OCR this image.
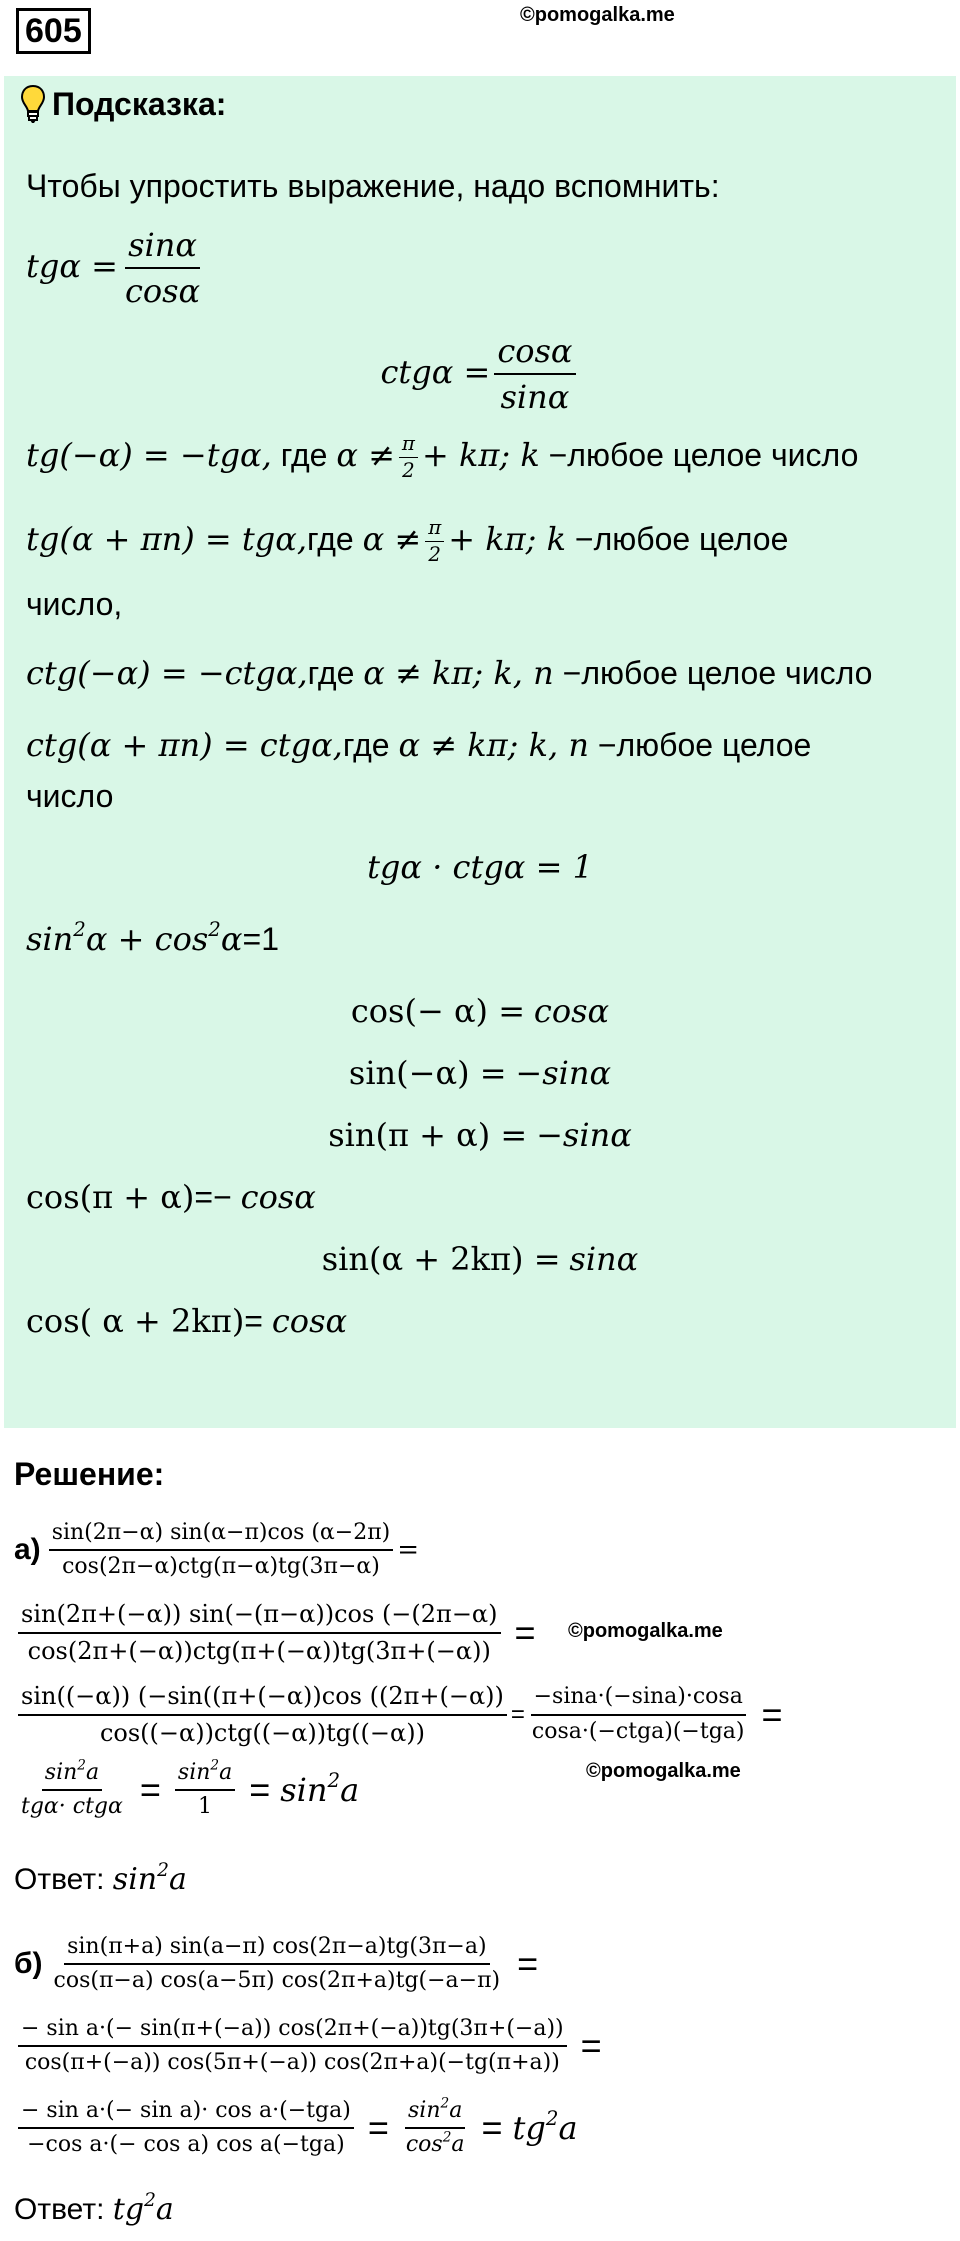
605	©pomogalka.me
Подсказка:
Чтобы упростить выражение, надо вспомнить:
$tg\alpha = \frac{\sin\alpha}{\cos\alpha}$
$ctg\alpha = \frac{\cos\alpha}{\sin\alpha}$
tg(−α) = −tgα, где $\alpha \ne \frac{\pi}{2} + k\pi$; k −любое целое число
tg(α + πn) = tgα,где $\alpha \ne \frac{\pi}{2} + k\pi$; k −любое целое
число,
ctg(−α) = −ctgα,где α ≠ kπ; k, n −любое целое число
ctg(α + πn) = ctgα,где α ≠ kπ; k, n −любое целое
число
tgα · ctgα = 1
$\sin^2\alpha + \cos^2\alpha=1$
cos(− α) = cosα
sin(−α) = −sinα
sin(π + α) = −sinα
cos(π + α)=− cosα
sin(α + 2kπ) = sinα
cos( α + 2kπ)= cosα
Решение:
$а) \frac{\sin(2\pi-\alpha) \sin(\alpha-\pi)\cos (\alpha-2\pi)}{\text{cos(2π−α)ctg(π−α)tg(3π−α)}}$ =
$\frac{\sin(2\pi+(-\alpha)) \sin(-(\pi-\alpha))\cos (-(2\pi-\alpha)}{\text{cos(2π+(−α))ctg(π+(−α))tg(3π+(−α))}}$ = ©pomogalka.me
$\frac{\sin((-\alpha)) (-\sin((\pi+(-\alpha))\cos ((2\pi+(-\alpha))}{\text{cos((−α))ctg((−α))tg((−α))}} = \frac{-\sin a\cdot(-\sin a)\cdot\cos a}{\text{cosa·(−ctga)(−tga)}}$ =
©pomogalka.me
$\frac{\sin^2a}{\text{tgα· ctgα}} = \frac{\sin^2a}{1} = \sin^2a$
Ответ: $\sin^2a$
$б) \frac{\sin(\pi+a) \sin(a-\pi) \cos(2\pi-a)tg(3\pi-a)}{\cos(\pi-a) \cos(a-5\pi) \cos(2\pi+a)tg(-a-\pi)}$ =
$\frac{\text{− sin a·(− sin(π+(−a)) cos(2π+(−a))tg(3π+(−a))}}{\cos(\pi+(-a)) \cos(5\pi+(-a)) \cos(2\pi+a)(-tg(\pi+a))}$ =
$\frac{\text{− sin a·(− sin a)· cos a·(−tga)}}{\text{−cos a·(− cos a) cos a(−tga)}} = \frac{\sin^2a}{\cos^2a} = tg^2a$
Ответ: $tg^2a$
